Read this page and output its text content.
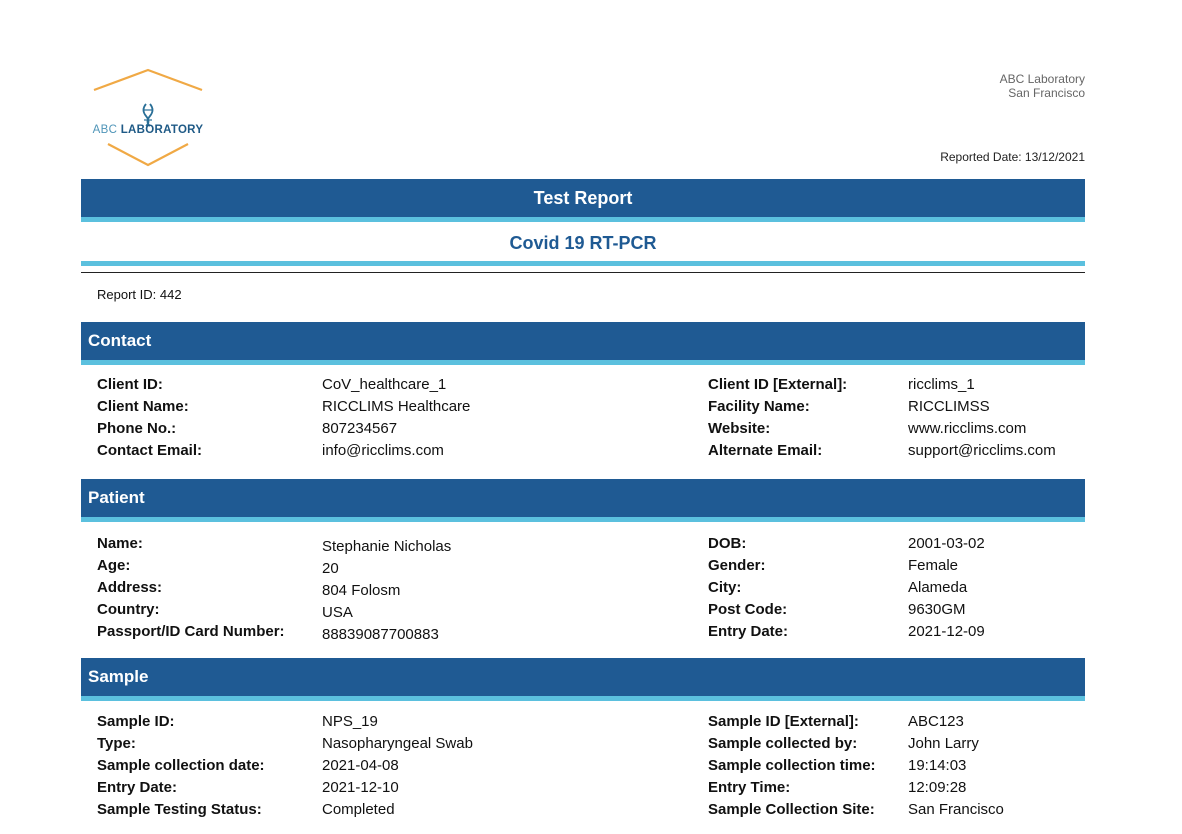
ABC LABORATORY
ABC Laboratory
San Francisco
Reported Date: 13/12/2021
Test Report
Covid 19 RT-PCR
Report ID: 442
Contact
Client ID:	CoV_healthcare_1	Client ID [External]:	ricclims_1
Client Name:	RICCLIMS Healthcare	Facility Name:	RICCLIMSS
Phone No.:	807234567	Website:	www.ricclims.com
Contact Email:	info@ricclims.com	Alternate Email:	support@ricclims.com
Patient
Name:	Stephanie Nicholas	DOB:	2001-03-02
Age:	20	Gender:	Female
Address:	804 Folosm	City:	Alameda
Country:	USA	Post Code:	9630GM
Passport/ID Card Number: 88839087700883	Entry Date:	2021-12-09
Sample
Sample ID:	NPS_19	Sample ID [External]:	ABC123
Type:	Nasopharyngeal Swab	Sample collected by:	John Larry
Sample collection date:	2021-04-08	Sample collection time: 19:14:03
Entry Date:	2021-12-10	Entry Time:	12:09:28
Sample Testing Status:	Completed	Sample Collection Site: San Francisco
